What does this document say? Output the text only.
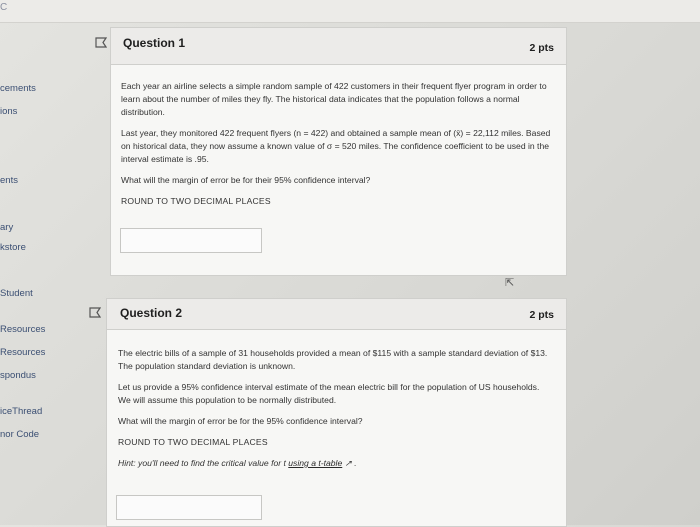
C
cements
ions
ents
ary
kstore
Student
Resources
Resources
spondus
iceThread
nor Code
Question 1	2 pts

Each year an airline selects a simple random sample of 422 customers in their frequent flyer program in order to learn about the number of miles they fly. The historical data indicates that the population follows a normal distribution.

Last year, they monitored 422 frequent flyers (n = 422) and obtained a sample mean of (x̄) = 22,112 miles. Based on historical data, they now assume a known value of σ = 520 miles. The confidence coefficient to be used in the interval estimate is .95.

What will the margin of error be for their 95% confidence interval?

ROUND TO TWO DECIMAL PLACES

⇱
Question 2	2 pts

The electric bills of a sample of 31 households provided a mean of $115 with a sample standard deviation of $13. The population standard deviation is unknown.

Let us provide a 95% confidence interval estimate of the mean electric bill for the population of US households. We will assume this population to be normally distributed.

What will the margin of error be for the 95% confidence interval?

ROUND TO TWO DECIMAL PLACES

Hint: you'll need to find the critical value for t using a t-table ↗ .
